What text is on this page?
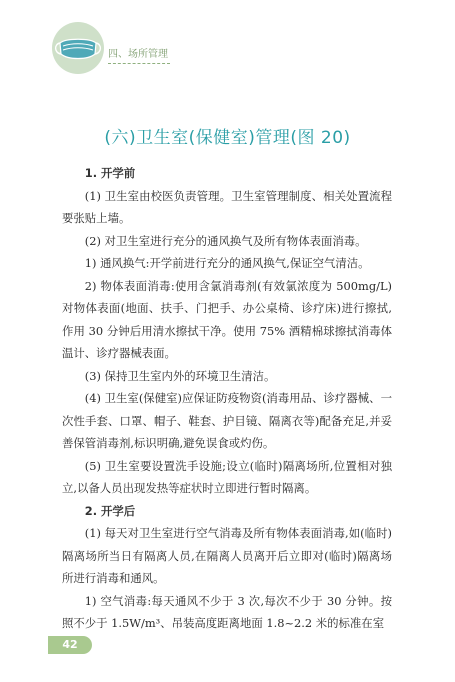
四、场所管理
(六)卫生室(保健室)管理(图 20)

1. 开学前

(1) 卫生室由校医负责管理。卫生室管理制度、相关处置流程要张贴上墙。

(2) 对卫生室进行充分的通风换气及所有物体表面消毒。

1) 通风换气:开学前进行充分的通风换气,保证空气清洁。

2) 物体表面消毒:使用含氯消毒剂(有效氯浓度为 500mg/L)对物体表面(地面、扶手、门把手、办公桌椅、诊疗床)进行擦拭,作用 30 分钟后用清水擦拭干净。使用 75% 酒精棉球擦拭消毒体温计、诊疗器械表面。

(3) 保持卫生室内外的环境卫生清洁。

(4) 卫生室(保健室)应保证防疫物资(消毒用品、诊疗器械、一次性手套、口罩、帽子、鞋套、护目镜、隔离衣等)配备充足,并妥善保管消毒剂,标识明确,避免误食或灼伤。

(5) 卫生室要设置洗手设施;设立(临时)隔离场所,位置相对独立,以备人员出现发热等症状时立即进行暂时隔离。

2. 开学后

(1) 每天对卫生室进行空气消毒及所有物体表面消毒,如(临时)隔离场所当日有隔离人员,在隔离人员离开后立即对(临时)隔离场所进行消毒和通风。

1) 空气消毒:每天通风不少于 3 次,每次不少于 30 分钟。按照不少于 1.5W/m³、吊装高度距离地面 1.8~2.2 米的标准在室

42
